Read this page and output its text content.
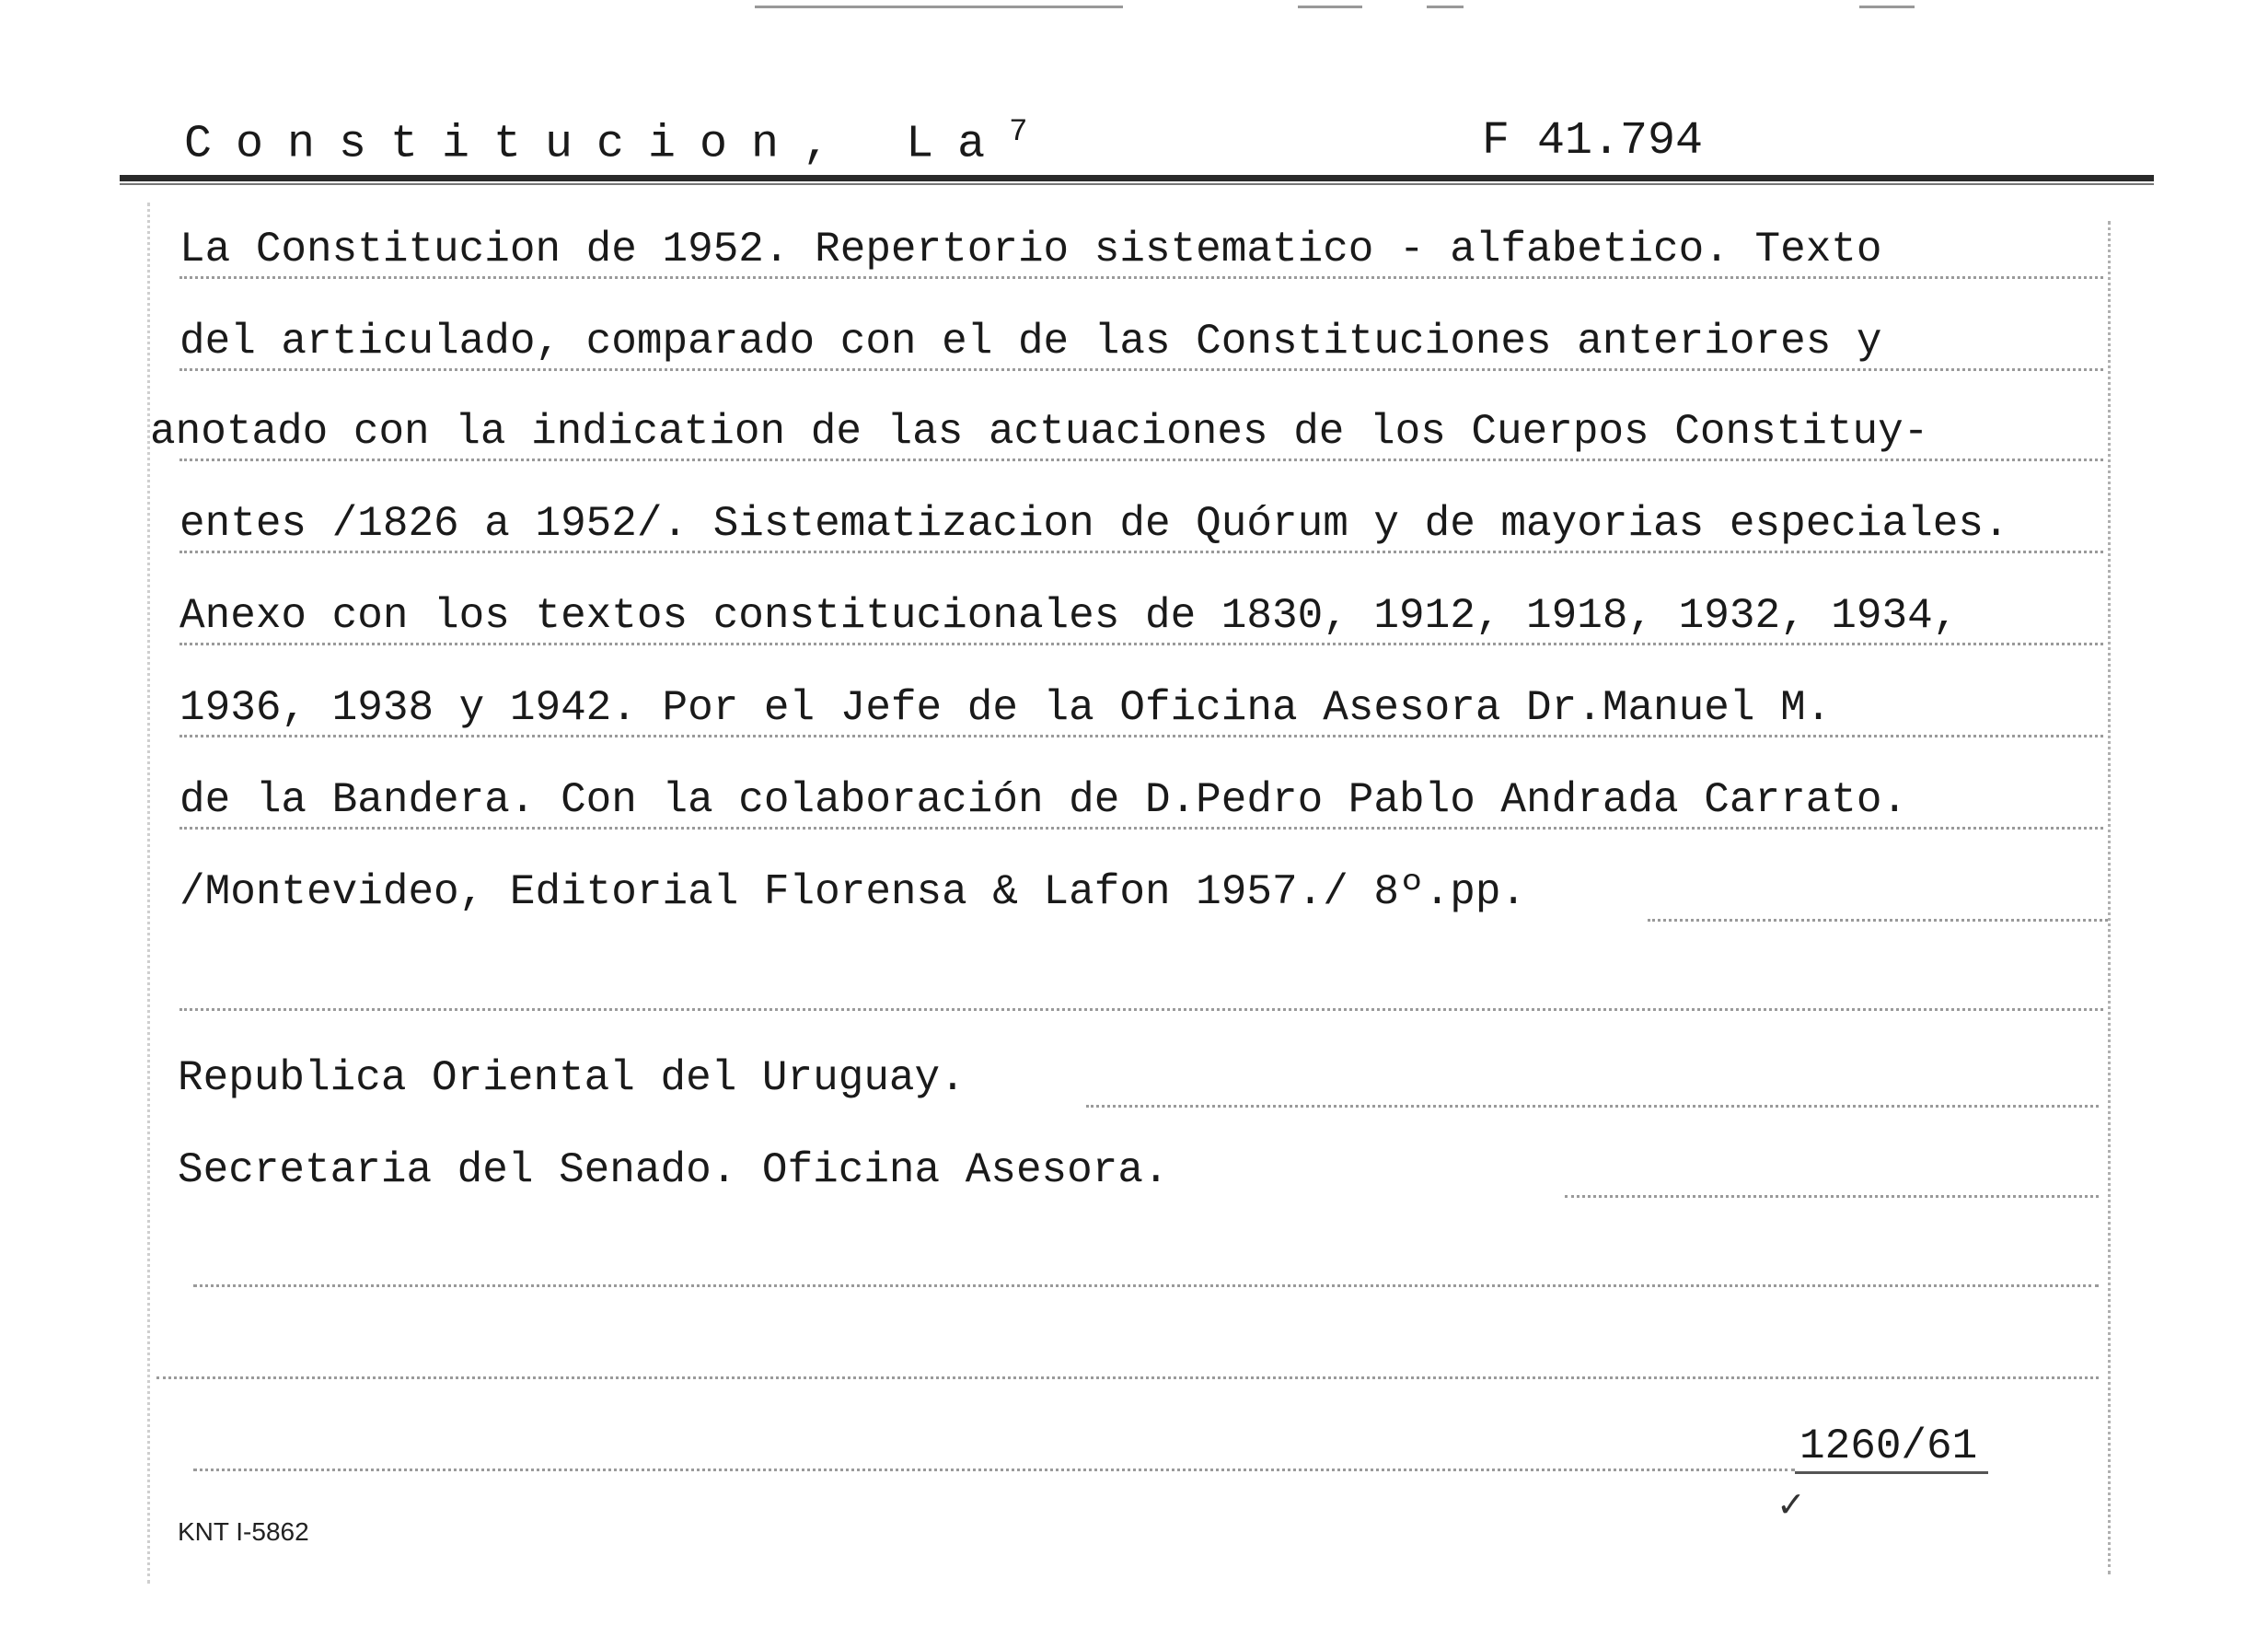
Constitucion, La$^7$	F 41.794
La Constitucion de 1952. Repertorio sistematico - alfabetico. Texto
del articulado, comparado con el de las Constituciones anteriores y
anotado con la indication de las actuaciones de los Cuerpos Constituy-
entes /1826 a 1952/. Sistematizacion de Quórum y de mayorias especiales.
Anexo con los textos constitucionales de 1830, 1912, 1918, 1932, 1934,
1936, 1938 y 1942. Por el Jefe de la Oficina Asesora Dr.Manuel M.
de la Bandera. Con la colaboración de D.Pedro Pablo Andrada Carrato.
/Montevideo, Editorial Florensa & Lafon 1957./ 8º.pp.
Republica Oriental del Uruguay.
Secretaria del Senado. Oficina Asesora.
1260/61
✓
KNT I-5862
